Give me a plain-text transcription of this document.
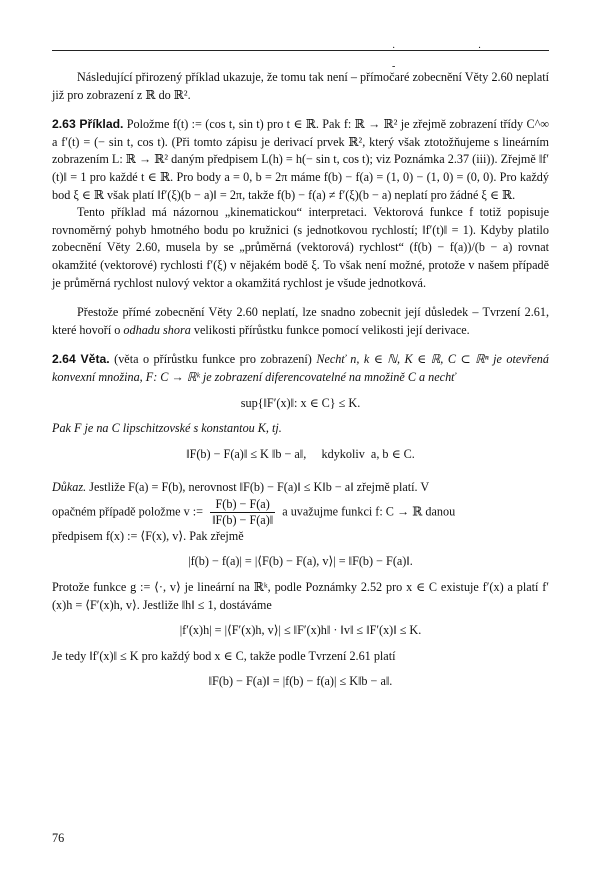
· · -

Následující přirozený příklad ukazuje, že tomu tak není – přímočaré zobecnění Věty 2.60 neplatí již pro zobrazení z ℝ do ℝ².

2.63 Příklad. Položme f(t) := (cos t, sin t) pro t ∈ ℝ. Pak f: ℝ → ℝ² je zřejmě zobrazení třídy C^∞ a f′(t) = (− sin t, cos t). (Při tomto zápisu je derivací prvek ℝ², který však ztotožňujeme s lineárním zobrazením L: ℝ → ℝ² daným předpisem L(h) = h(− sin t, cos t); viz Poznámka 2.37 (iii)). Zřejmě ‖f′(t)‖ = 1 pro každé t ∈ ℝ. Pro body a = 0, b = 2π máme f(b) − f(a) = (1, 0) − (1, 0) = (0, 0). Pro každý bod ξ ∈ ℝ však platí ‖f′(ξ)(b − a)‖ = 2π, takže f(b) − f(a) ≠ f′(ξ)(b − a) neplatí pro žádné ξ ∈ ℝ.

Tento příklad má názornou „kinematickou“ interpretaci. Vektorová funkce f totiž popisuje rovnoměrný pohyb hmotného bodu po kružnici (s jednotkovou rychlostí; ‖f′(t)‖ = 1). Kdyby platilo zobecnění Věty 2.60, musela by se „průměrná (vektorová) rychlost“ (f(b) − f(a))/(b − a) rovnat okamžité (vektorové) rychlosti f′(ξ) v nějakém bodě ξ. To však není možné, protože v našem případě je průměrná rychlost nulový vektor a okamžitá rychlost je všude jednotková.

Přestože přímé zobecnění Věty 2.60 neplatí, lze snadno zobecnit její důsledek – Tvrzení 2.61, které hovoří o odhadu shora velikosti přírůstku funkce pomocí velikosti její derivace.

2.64 Věta. (věta o přírůstku funkce pro zobrazení) Nechť n, k ∈ ℕ, K ∈ ℝ, C ⊂ ℝⁿ je otevřená konvexní množina, F: C → ℝᵏ je zobrazení diferencovatelné na množině C a nechť

sup{‖F′(x)‖: x ∈ C} ≤ K.

Pak F je na C lipschitzovské s konstantou K, tj.

‖F(b) − F(a)‖ ≤ K ‖b − a‖,     kdykoliv  a, b ∈ C.

Důkaz. Jestliže F(a) = F(b), nerovnost ‖F(b) − F(a)‖ ≤ K‖b − a‖ zřejmě platí. V

opačném případě položme v := $\frac{F(b) - F(a)}{‖F(b) - F(a)‖}$ a uvažujme funkci f: C → ℝ danou

předpisem f(x) := ⟨F(x), v⟩. Pak zřejmě

|f(b) − f(a)| = |⟨F(b) − F(a), v⟩| = ‖F(b) − F(a)‖.

Protože funkce g := ⟨·, v⟩ je lineární na ℝᵏ, podle Poznámky 2.52 pro x ∈ C existuje f′(x) a platí f′(x)h = ⟨F′(x)h, v⟩. Jestliže ‖h‖ ≤ 1, dostáváme

|f′(x)h| = |⟨F′(x)h, v⟩| ≤ ‖F′(x)h‖ · ‖v‖ ≤ ‖F′(x)‖ ≤ K.

Je tedy ‖f′(x)‖ ≤ K pro každý bod x ∈ C, takže podle Tvrzení 2.61 platí

‖F(b) − F(a)‖ = |f(b) − f(a)| ≤ K‖b − a‖.
76
